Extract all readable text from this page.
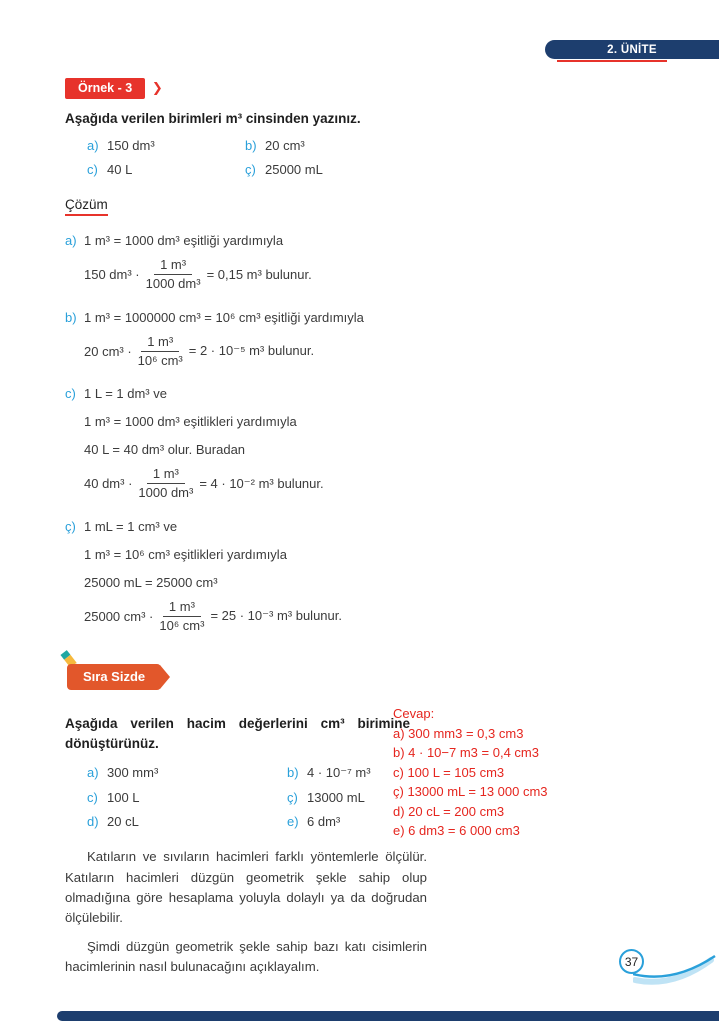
2. ÜNİTE
Örnek - 3 ❯

Aşağıda verilen birimleri m³ cinsinden yazınız.

a) 150 dm³	b) 20 cm³
c) 40 L	ç) 25000 mL
Çözüm
a) 1 m³ = 1000 dm³ eşitliği yardımıyla
150 $dm^3 \cdot \frac{\text{1 m³}}{\text{1000 dm³}} = 0,15$ m³ bulunur.
b) 1 m³ = 1000000 cm³ = 10⁶ cm³ eşitliği yardımıyla
20 $cm^3 \cdot \frac{\text{1 m³}}{\text{10⁶ cm³}} = 2 \cdot 10^{-5}$ m³ bulunur.
c) 1 L = 1 dm³ ve
1 m³ = 1000 dm³ eşitlikleri yardımıyla
40 L = 40 dm³ olur. Buradan
40 $dm^3 \cdot \frac{\text{1 m³}}{\text{1000 dm³}} = 4 \cdot 10^{-2}$ m³ bulunur.
ç) 1 mL = 1 cm³ ve
1 m³ = 10⁶ cm³ eşitlikleri yardımıyla
25000 mL = 25000 cm³
25000 $cm^3 \cdot \frac{\text{1 m³}}{\text{10⁶ cm³}} = 25 \cdot 10^{-3}$ m³ bulunur.
Sıra Sizde

Aşağıda verilen hacim değerlerini cm³ birimine dönüştürünüz.

a) 300 mm³	b) 4 · 10⁻⁷ m³
c) 100 L	ç) 13000 mL
d) 20 cL	e) 6 dm³
Cevap:
a) 300 mm3 = 0,3 cm3
b) 4 · 10−7 m3 = 0,4 cm3
c) 100 L = 105 cm3
ç) 13000 mL = 13 000 cm3
d) 20 cL = 200 cm3
e) 6 dm3 = 6 000 cm3

Katıların ve sıvıların hacimleri farklı yöntemlerle ölçülür. Katıların hacimleri düzgün geometrik şekle sahip olup olmadığına göre hesaplama yoluyla dolaylı ya da doğrudan ölçülebilir.

Şimdi düzgün geometrik şekle sahip bazı katı cisimlerin hacimlerinin nasıl bulunacağını açıklayalım.	37
